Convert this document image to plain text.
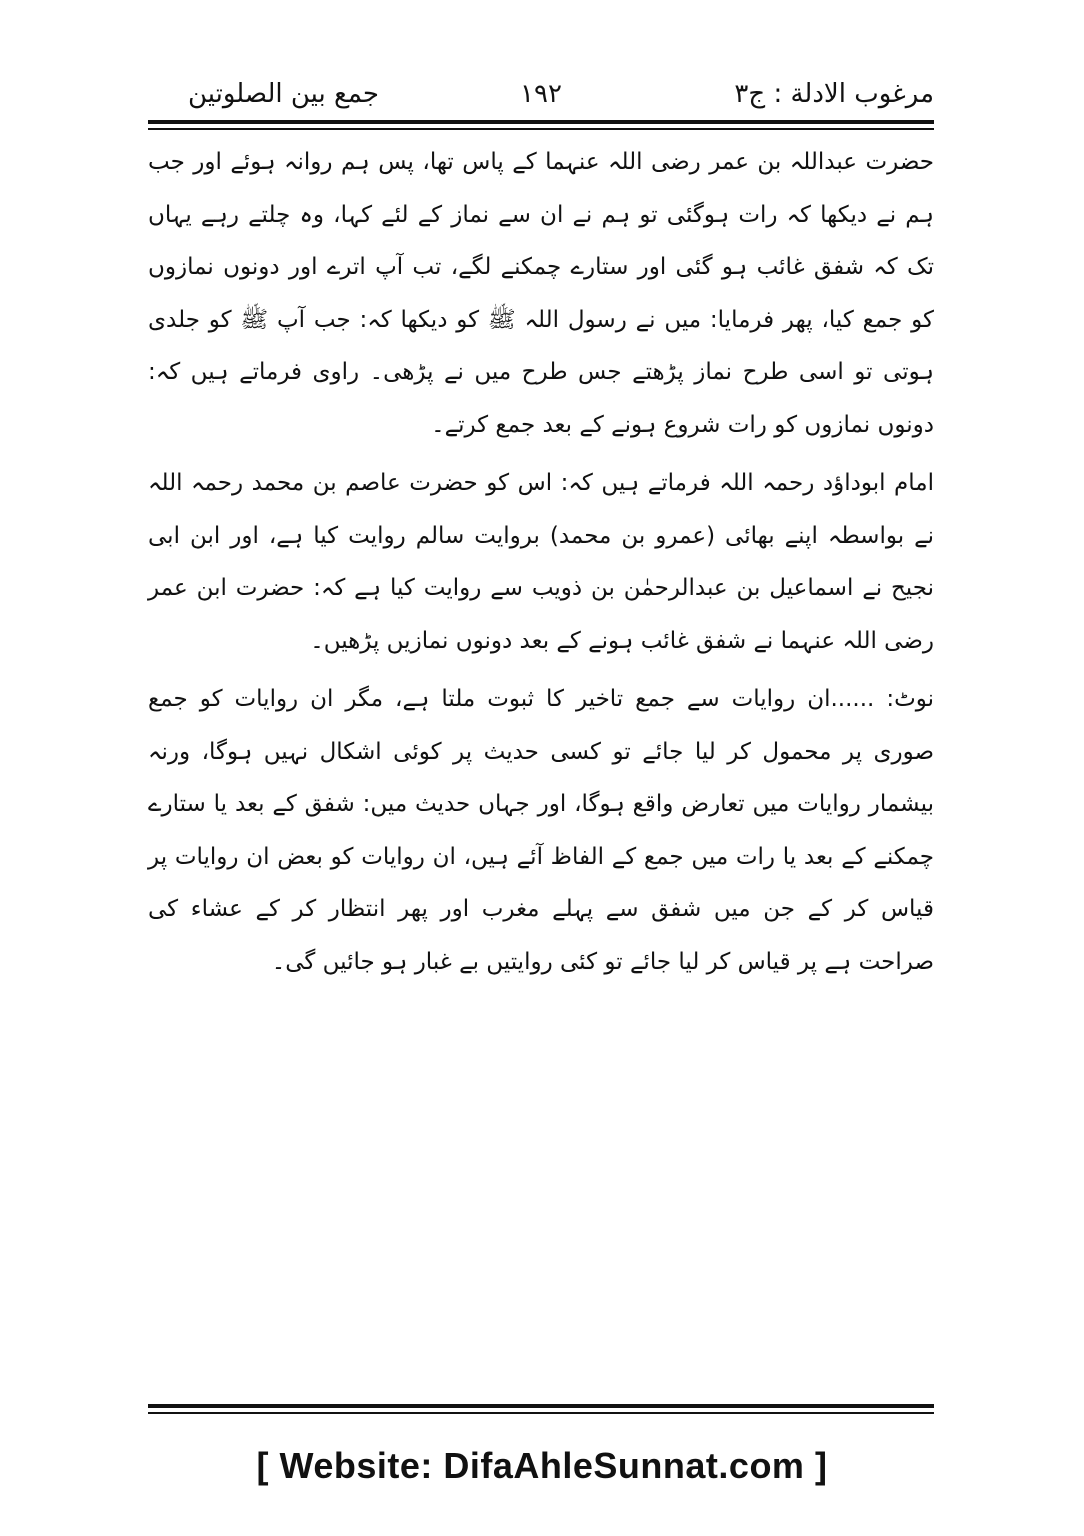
مرغوب الادلة : ج۳
۱۹۲
جمع بین الصلوتین

حضرت عبداللہ بن عمر رضی اللہ عنہما کے پاس تھا، پس ہم روانہ ہوئے اور جب ہم نے دیکھا کہ رات ہوگئی تو ہم نے ان سے نماز کے لئے کہا، وہ چلتے رہے یہاں تک کہ شفق غائب ہو گئی اور ستارے چمکنے لگے، تب آپ اترے اور دونوں نمازوں کو جمع کیا، پھر فرمایا: میں نے رسول اللہ ﷺ کو دیکھا کہ: جب آپ ﷺ کو جلدی ہوتی تو اسی طرح نماز پڑھتے جس طرح میں نے پڑھی۔ راوی فرماتے ہیں کہ: دونوں نمازوں کو رات شروع ہونے کے بعد جمع کرتے۔

امام ابوداؤد رحمہ اللہ فرماتے ہیں کہ: اس کو حضرت عاصم بن محمد رحمہ اللہ نے بواسطہ اپنے بھائی (عمرو بن محمد) بروایت سالم روایت کیا ہے، اور ابن ابی نجیح نے اسماعیل بن عبدالرحمٰن بن ذویب سے روایت کیا ہے کہ: حضرت ابن عمر رضی اللہ عنہما نے شفق غائب ہونے کے بعد دونوں نمازیں پڑھیں۔

نوٹ: ......ان روایات سے جمع تاخیر کا ثبوت ملتا ہے، مگر ان روایات کو جمع صوری پر محمول کر لیا جائے تو کسی حدیث پر کوئی اشکال نہیں ہوگا، ورنہ بیشمار روایات میں تعارض واقع ہوگا، اور جہاں حدیث میں: شفق کے بعد یا ستارے چمکنے کے بعد یا رات میں جمع کے الفاظ آئے ہیں، ان روایات کو بعض ان روایات پر قیاس کر کے جن میں شفق سے پہلے مغرب اور پھر انتظار کر کے عشاء کی صراحت ہے پر قیاس کر لیا جائے تو کئی روایتیں بے غبار ہو جائیں گی۔

[ Website: DifaAhleSunnat.com ]
